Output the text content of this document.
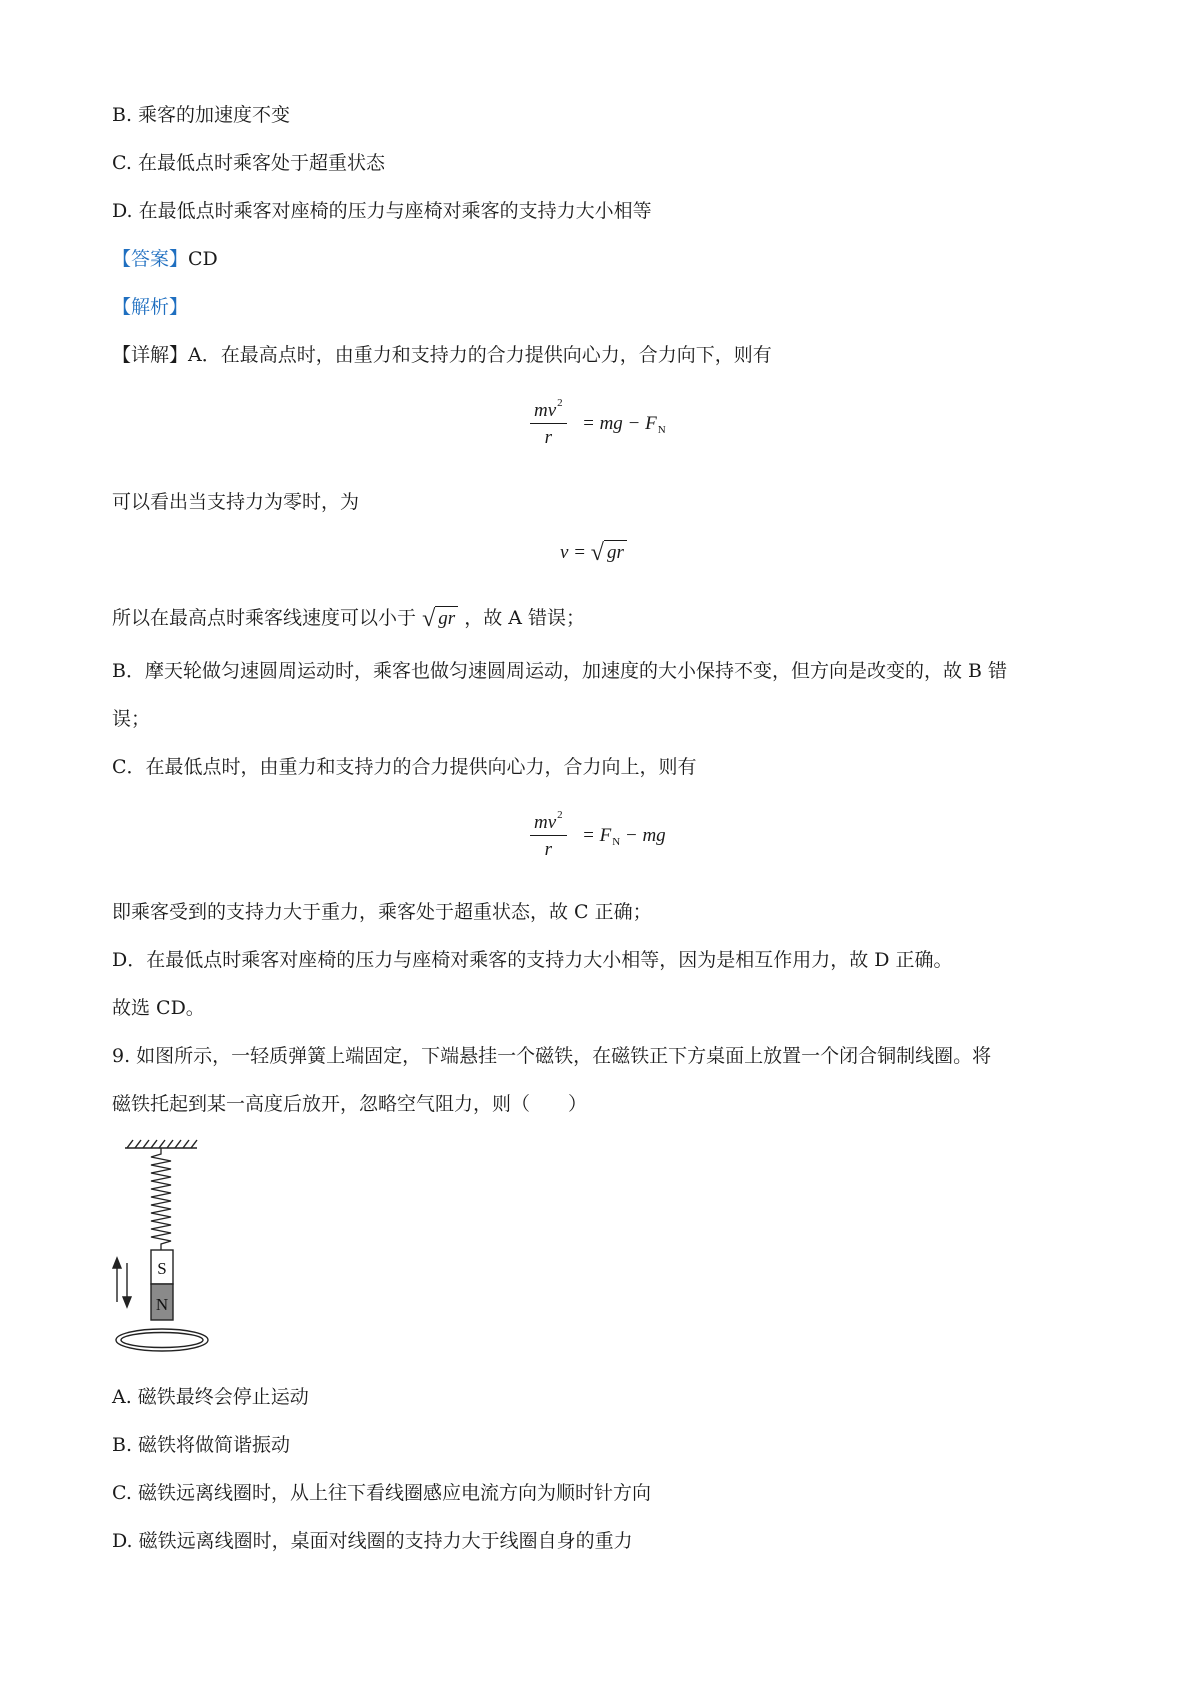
B. 乘客的加速度不变
C. 在最低点时乘客处于超重状态
D. 在最低点时乘客对座椅的压力与座椅对乘客的支持力大小相等
【答案】CD
【解析】
【详解】A．在最高点时，由重力和支持力的合力提供向心力，合力向下，则有
$\frac{mv^2}{r}$ = mg − $F_N$
可以看出当支持力为零时，为
v = √ gr
所以在最高点时乘客线速度可以小于 √ gr ，故 A 错误；
B．摩天轮做匀速圆周运动时，乘客也做匀速圆周运动，加速度的大小保持不变，但方向是改变的，故 B 错
误；
C．在最低点时，由重力和支持力的合力提供向心力，合力向上，则有
$\frac{mv^2}{r} = F_N$ − mg
即乘客受到的支持力大于重力，乘客处于超重状态，故 C 正确；
D．在最低点时乘客对座椅的压力与座椅对乘客的支持力大小相等，因为是相互作用力，故 D 正确。
故选 CD。
9. 如图所示，一轻质弹簧上端固定，下端悬挂一个磁铁，在磁铁正下方桌面上放置一个闭合铜制线圈。将
磁铁托起到某一高度后放开，忽略空气阻力，则（　　）
S
N
A. 磁铁最终会停止运动
B. 磁铁将做简谐振动
C. 磁铁远离线圈时，从上往下看线圈感应电流方向为顺时针方向
D. 磁铁远离线圈时，桌面对线圈的支持力大于线圈自身的重力
